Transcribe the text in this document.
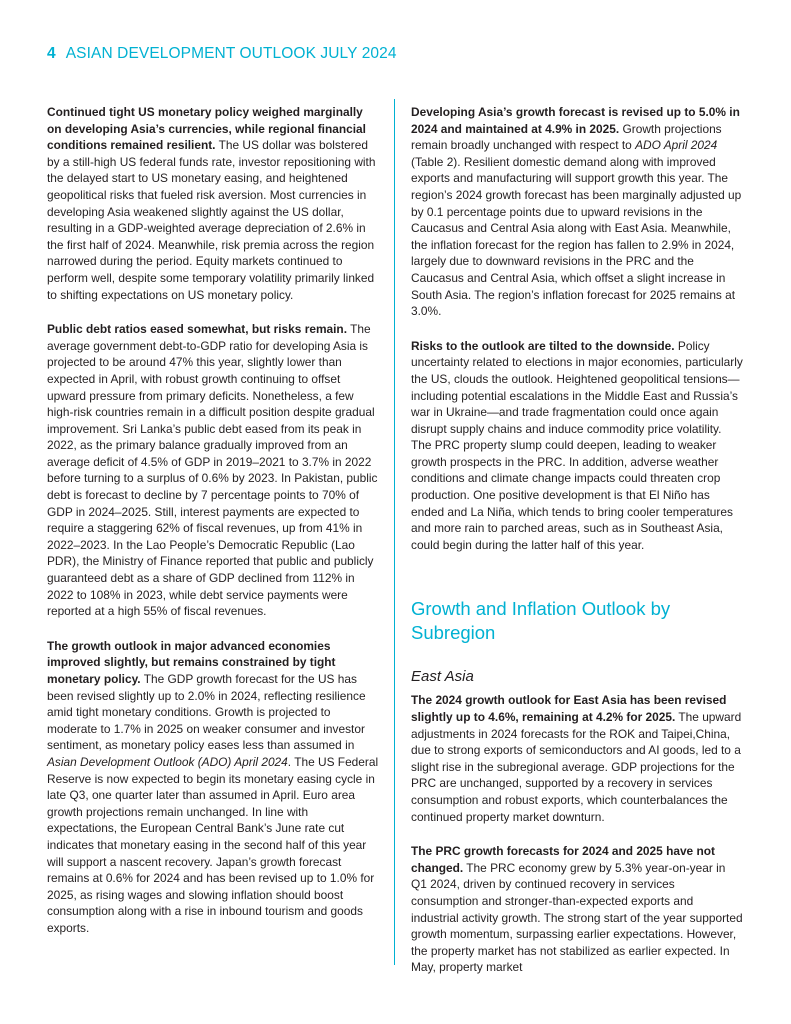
4 ASIAN DEVELOPMENT OUTLOOK JULY 2024

Continued tight US monetary policy weighed marginally on developing Asia’s currencies, while regional financial conditions remained resilient. The US dollar was bolstered by a still-high US federal funds rate, investor repositioning with the delayed start to US monetary easing, and heightened geopolitical risks that fueled risk aversion. Most currencies in developing Asia weakened slightly against the US dollar, resulting in a GDP-weighted average depreciation of 2.6% in the first half of 2024. Meanwhile, risk premia across the region narrowed during the period. Equity markets continued to perform well, despite some temporary volatility primarily linked to shifting expectations on US monetary policy.

Public debt ratios eased somewhat, but risks remain. The average government debt-to-GDP ratio for developing Asia is projected to be around 47% this year, slightly lower than expected in April, with robust growth continuing to offset upward pressure from primary deficits. Nonetheless, a few high-risk countries remain in a difficult position despite gradual improvement. Sri Lanka’s public debt eased from its peak in 2022, as the primary balance gradually improved from an average deficit of 4.5% of GDP in 2019–2021 to 3.7% in 2022 before turning to a surplus of 0.6% by 2023. In Pakistan, public debt is forecast to decline by 7 percentage points to 70% of GDP in 2024–2025. Still, interest payments are expected to require a staggering 62% of fiscal revenues, up from 41% in 2022–2023. In the Lao People’s Democratic Republic (Lao PDR), the Ministry of Finance reported that public and publicly guaranteed debt as a share of GDP declined from 112% in 2022 to 108% in 2023, while debt service payments were reported at a high 55% of fiscal revenues.

The growth outlook in major advanced economies improved slightly, but remains constrained by tight monetary policy. The GDP growth forecast for the US has been revised slightly up to 2.0% in 2024, reflecting resilience amid tight monetary conditions. Growth is projected to moderate to 1.7% in 2025 on weaker consumer and investor sentiment, as monetary policy eases less than assumed in Asian Development Outlook (ADO) April 2024. The US Federal Reserve is now expected to begin its monetary easing cycle in late Q3, one quarter later than assumed in April. Euro area growth projections remain unchanged. In line with expectations, the European Central Bank’s June rate cut indicates that monetary easing in the second half of this year will support a nascent recovery. Japan’s growth forecast remains at 0.6% for 2024 and has been revised up to 1.0% for 2025, as rising wages and slowing inflation should boost consumption along with a rise in inbound tourism and goods exports.

Developing Asia’s growth forecast is revised up to 5.0% in 2024 and maintained at 4.9% in 2025. Growth projections remain broadly unchanged with respect to ADO April 2024 (Table 2). Resilient domestic demand along with improved exports and manufacturing will support growth this year. The region’s 2024 growth forecast has been marginally adjusted up by 0.1 percentage points due to upward revisions in the Caucasus and Central Asia along with East Asia. Meanwhile, the inflation forecast for the region has fallen to 2.9% in 2024, largely due to downward revisions in the PRC and the Caucasus and Central Asia, which offset a slight increase in South Asia. The region’s inflation forecast for 2025 remains at 3.0%.

Risks to the outlook are tilted to the downside. Policy uncertainty related to elections in major economies, particularly the US, clouds the outlook. Heightened geopolitical tensions—including potential escalations in the Middle East and Russia’s war in Ukraine—and trade fragmentation could once again disrupt supply chains and induce commodity price volatility. The PRC property slump could deepen, leading to weaker growth prospects in the PRC. In addition, adverse weather conditions and climate change impacts could threaten crop production. One positive development is that El Niño has ended and La Niña, which tends to bring cooler temperatures and more rain to parched areas, such as in Southeast Asia, could begin during the latter half of this year.

Growth and Inflation Outlook by Subregion
East Asia

The 2024 growth outlook for East Asia has been revised slightly up to 4.6%, remaining at 4.2% for 2025. The upward adjustments in 2024 forecasts for the ROK and Taipei,China, due to strong exports of semiconductors and AI goods, led to a slight rise in the subregional average. GDP projections for the PRC are unchanged, supported by a recovery in services consumption and robust exports, which counterbalances the continued property market downturn.

The PRC growth forecasts for 2024 and 2025 have not changed. The PRC economy grew by 5.3% year-on-year in Q1 2024, driven by continued recovery in services consumption and stronger-than-expected exports and industrial activity growth. The strong start of the year supported growth momentum, surpassing earlier expectations. However, the property market has not stabilized as earlier expected. In May, property market
